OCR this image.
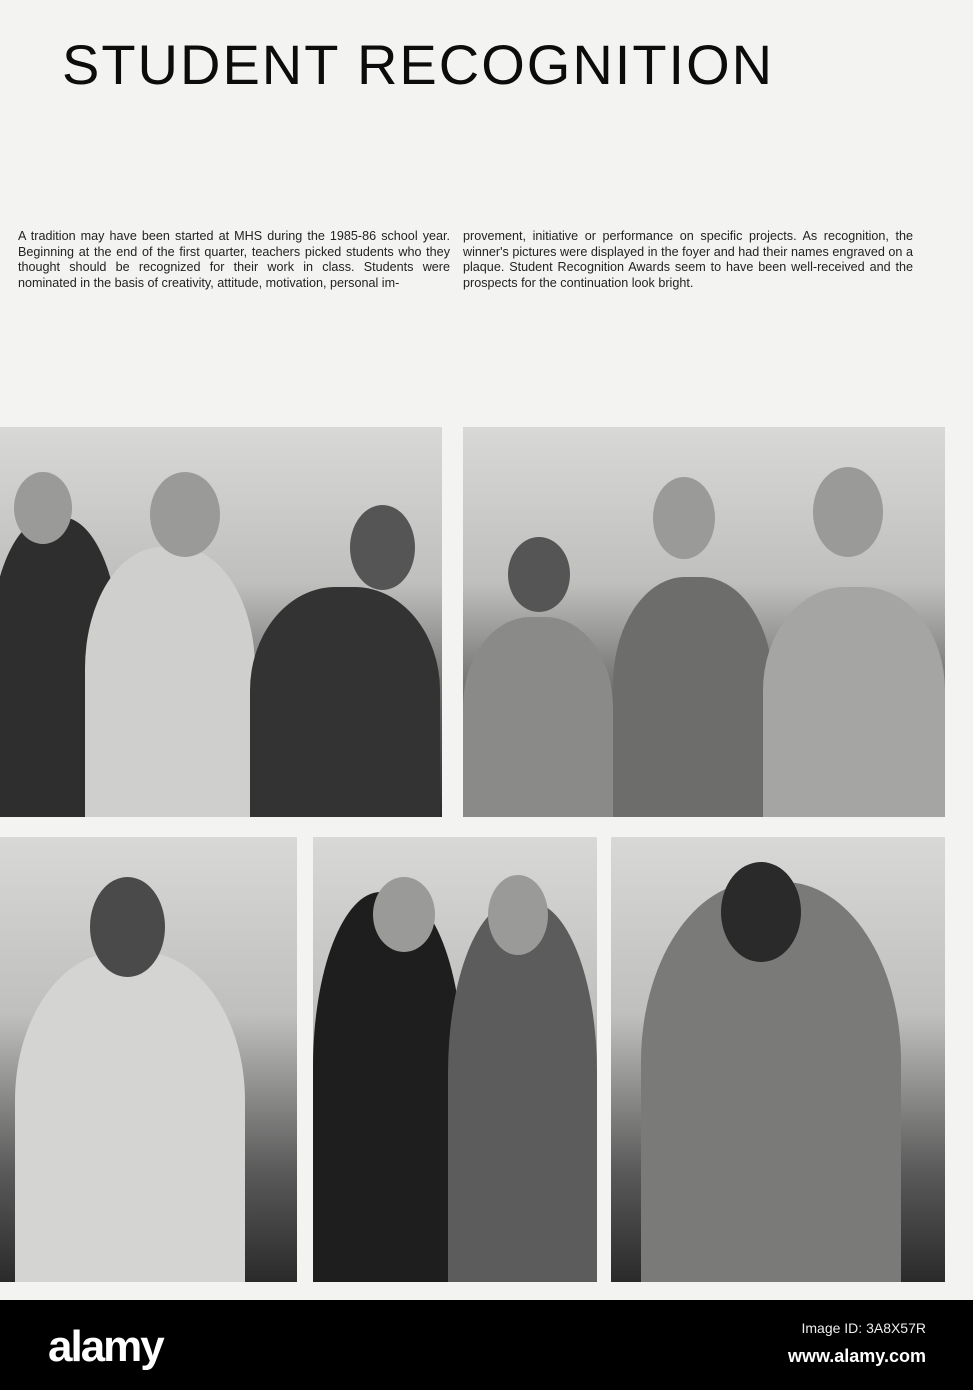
STUDENT RECOGNITION

A tradition may have been started at MHS during the 1985-86 school year. Beginning at the end of the first quarter, teachers picked students who they thought should be recognized for their work in class. Students were nominated in the basis of creativity, attitude, motivation, personal im-

provement, initiative or performance on specific projects. As recognition, the winner's pictures were displayed in the foyer and had their names engraved on a plaque. Student Recognition Awards seem to have been well-received and the prospects for the continuation look bright.

alamy	Image ID: 3A8X57R
www.alamy.com
